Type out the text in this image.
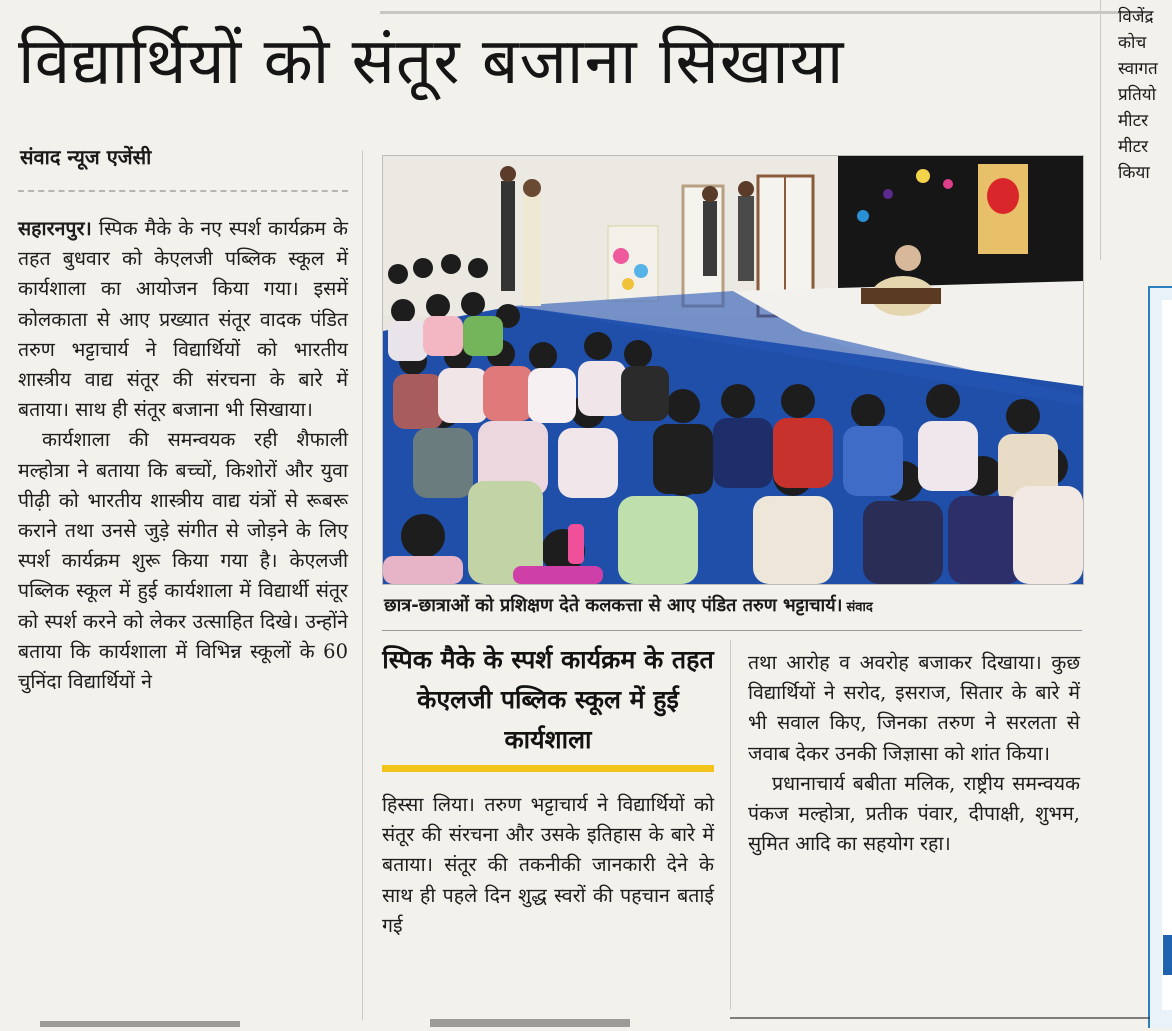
विद्यार्थियों को संतूर बजाना सिखाया
संवाद न्यूज एजेंसी

सहारनपुर। स्पिक मैके के नए स्पर्श कार्यक्रम के तहत बुधवार को केएलजी पब्लिक स्कूल में कार्यशाला का आयोजन किया गया। इसमें कोलकाता से आए प्रख्यात संतूर वादक पंडित तरुण भट्टाचार्य ने विद्यार्थियों को भारतीय शास्त्रीय वाद्य संतूर की संरचना के बारे में बताया। साथ ही संतूर बजाना भी सिखाया।

कार्यशाला की समन्वयक रही शैफाली मल्होत्रा ने बताया कि बच्चों, किशोरों और युवा पीढ़ी को भारतीय शास्त्रीय वाद्य यंत्रों से रूबरू कराने तथा उनसे जुड़े संगीत से जोड़ने के लिए स्पर्श कार्यक्रम शुरू किया गया है। केएलजी पब्लिक स्कूल में हुई कार्यशाला में विद्यार्थी संतूर को स्पर्श करने को लेकर उत्साहित दिखे। उन्होंने बताया कि कार्यशाला में विभिन्न स्कूलों के 60 चुनिंदा विद्यार्थियों ने

छात्र-छात्राओं को प्रशिक्षण देते कलकत्ता से आए पंडित तरुण भट्टाचार्य। संवाद
स्पिक मैके के स्पर्श कार्यक्रम के तहत केएलजी पब्लिक स्कूल में हुई कार्यशाला

हिस्सा लिया। तरुण भट्टाचार्य ने विद्यार्थियों को संतूर की संरचना और उसके इतिहास के बारे में बताया। संतूर की तकनीकी जानकारी देने के साथ ही पहले दिन शुद्ध स्वरों की पहचान बताई गई

तथा आरोह व अवरोह बजाकर दिखाया। कुछ विद्यार्थियों ने सरोद, इसराज, सितार के बारे में भी सवाल किए, जिनका तरुण ने सरलता से जवाब देकर उनकी जिज्ञासा को शांत किया।

प्रधानाचार्य बबीता मलिक, राष्ट्रीय समन्वयक पंकज मल्होत्रा, प्रतीक पंवार, दीपाक्षी, शुभम, सुमित आदि का सहयोग रहा।

विजेंद्र
कोच
स्वागत
प्रतियो
मीटर
मीटर
किया
